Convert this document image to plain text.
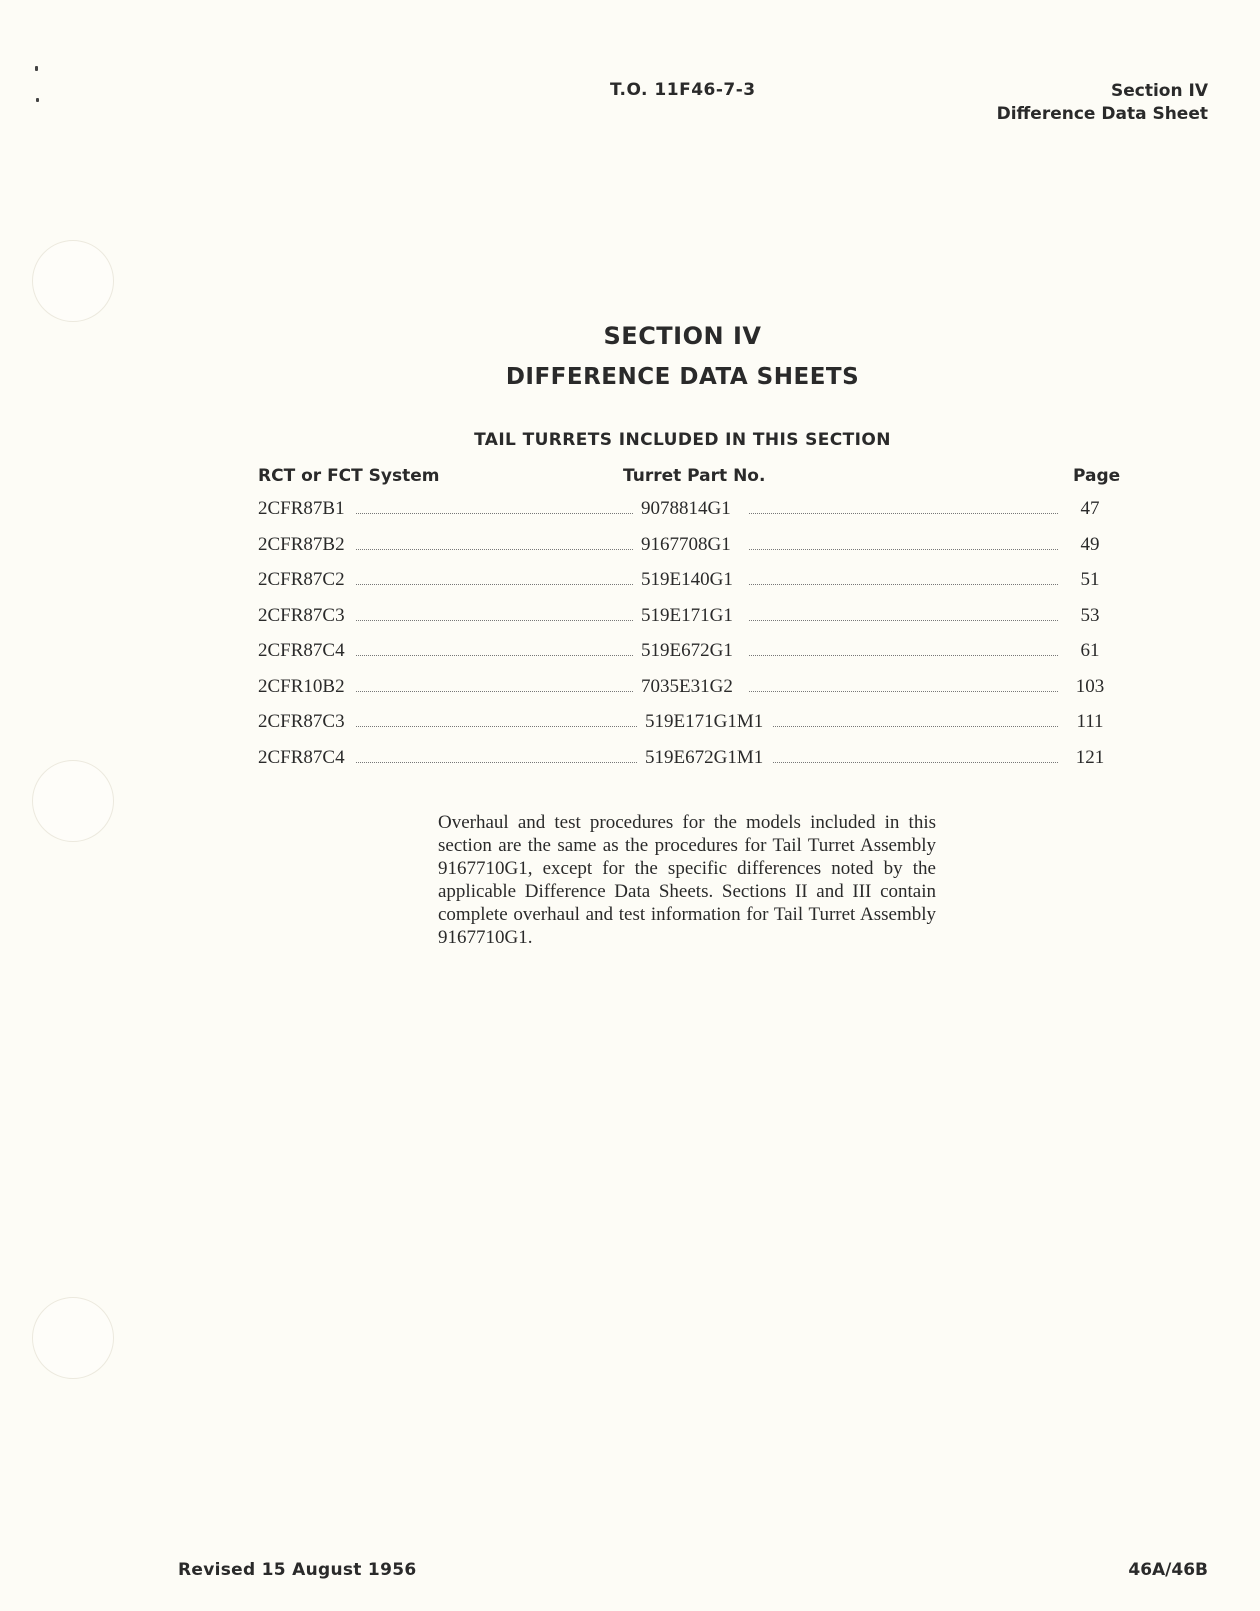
T.O. 11F46-7-3	Section IV
Difference Data Sheet
SECTION IV
DIFFERENCE DATA SHEETS
TAIL TURRETS INCLUDED IN THIS SECTION
RCT or FCT System	Turret Part No.	Page
2CFR87B1	9078814G1	47
2CFR87B2	9167708G1	49
2CFR87C2	519E140G1	51
2CFR87C3	519E171G1	53
2CFR87C4	519E672G1	61
2CFR10B2	7035E31G2	103
2CFR87C3	519E171G1M1	111
2CFR87C4	519E672G1M1	121

Overhaul and test procedures for the models included in this section are the same as the procedures for Tail Turret Assembly 9167710G1, except for the specific differences noted by the applicable Difference Data Sheets. Sections II and III contain complete overhaul and test information for Tail Turret Assembly 9167710G1.

Revised 15 August 1956	46A/46B
